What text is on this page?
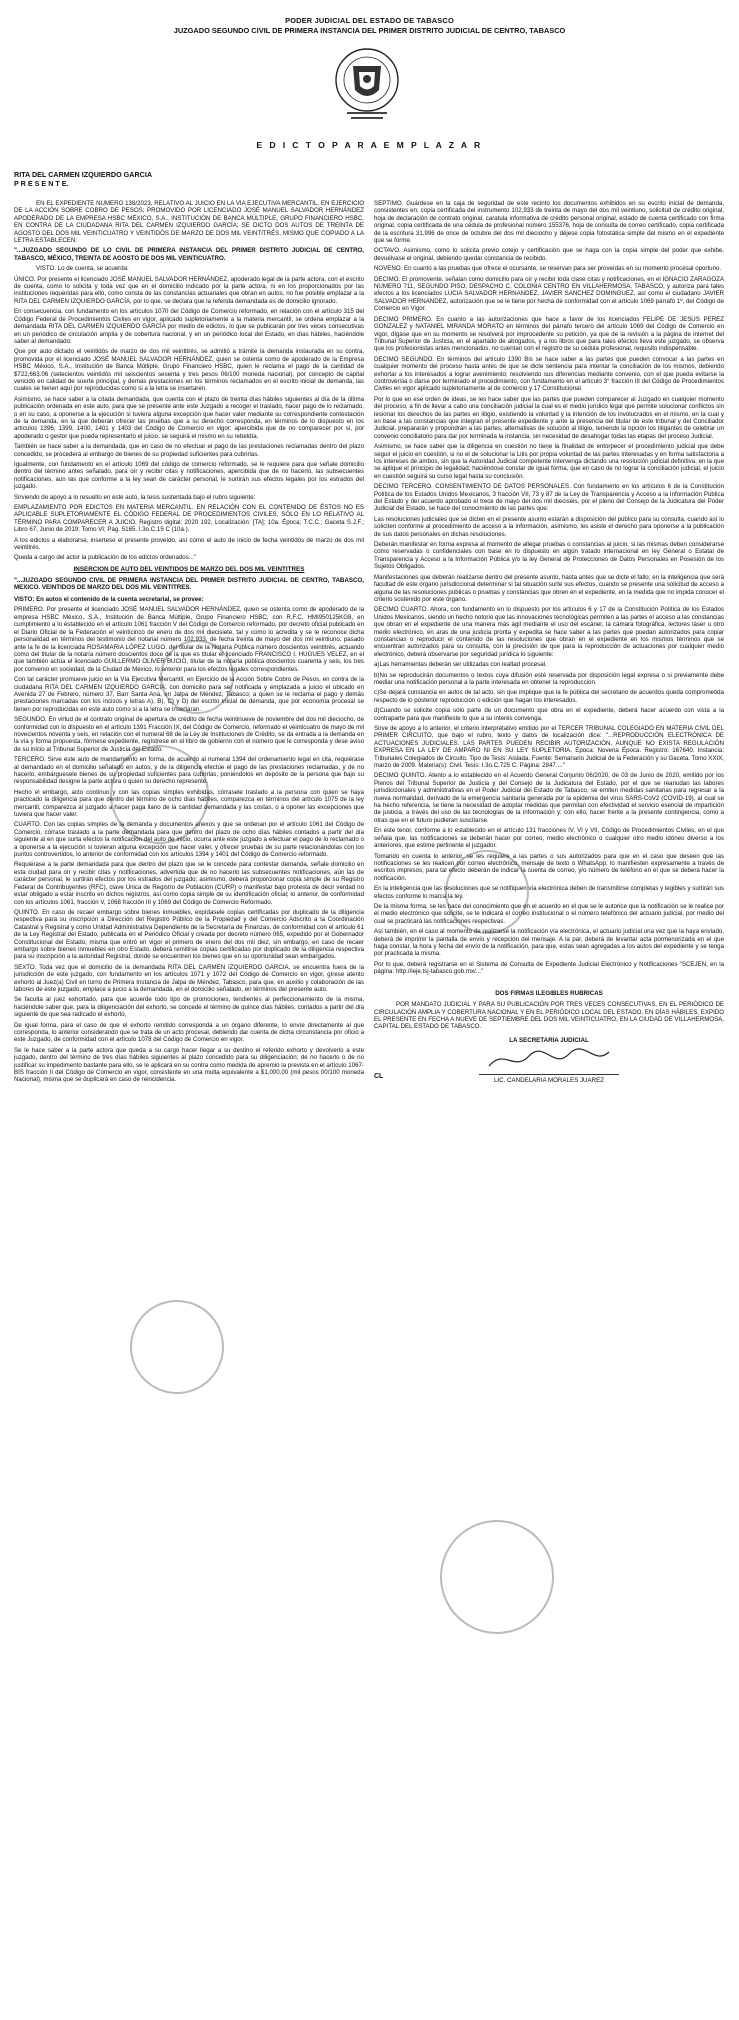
PODER JUDICIAL DEL ESTADO DE TABASCO
JUZGADO SEGUNDO CIVIL DE PRIMERA INSTANCIA DEL PRIMER DISTRITO JUDICIAL DE CENTRO, TABASCO
E D I C T O P A R A E M P L A Z A R
RITA DEL CARMEN IZQUIERDO GARCIA
P R E S E N T E.

EN EL EXPEDIENTE NÚMERO 138/2023, RELATIVO AL JUICIO EN LA VÍA EJECUTIVA MERCANTIL, EN EJERCICIO DE LA ACCIÓN SOBRE COBRO DE PESOS; PROMOVIDO POR LICENCIADO JOSÉ MANUEL SALVADOR HERNÁNDEZ APODERADO DE LA EMPRESA HSBC MÉXICO, S.A., INSTITUCIÓN DE BANCA MÚLTIPLE, GRUPO FINANCIERO HSBC, EN CONTRA DE LA CIUDADANA RITA DEL CARMEN IZQUIERDO GARCÍA; SE DICTO DOS AUTOS DE TREINTA DE AGOSTO DEL DOS MIL VEINTICUATRO Y VEINTIDÓS DE MARZO DE DOS MIL VEINTITRÉS, MISMO QUE COPIADO A LA LETRA ESTABLECEN:

"...JUZGADO SEGUNDO DE LO CIVIL DE PRIMERA INSTANCIA DEL PRIMER DISTRITO JUDICIAL DE CENTRO, TABASCO, MÉXICO, TREINTA DE AGOSTO DE DOS MIL VEINTICUATRO.

VISTO. Lo de cuenta, se acuerda:

ÚNICO. Por presente el licenciado JOSÉ MANUEL SALVADOR HERNÁNDEZ, apoderado legal de la parte actora, con el escrito de cuenta, como lo solicita y toda vez que en el domicilio indicado por la parte actora, ni en los proporcionados por las instituciones requeridas para ello, como consta de las constancias actuariales que obran en autos, no fue posible emplazar a la RITA DEL CARMEN IZQUIERDO GARCÍA, por lo que, se declara que la referida demandada es de domicilio ignorado.

En consecuencia, con fundamento en los artículos 1070 del Código de Comercio reformado, en relación con el artículo 315 del Código Federal de Procedimientos Civiles en vigor, aplicado supletoriamente a la materia mercantil, se ordena emplazar a la demandada RITA DEL CARMEN IZQUIERDO GARCÍA por medio de edictos, lo que se publicarán por tres veces consecutivas en un periódico de circulación amplia y de cobertura nacional, y en un periódico local del Estado, en días hábiles, haciéndole saber al demandado:

Que por auto dictado el veintidós de marzo de dos mil veintitrés, se admitió a trámite la demanda instaurada en su contra, promovida por el licenciado JOSÉ MANUEL SALVADOR HERNÁNDEZ, quien se ostenta como de apoderado de la Empresa HSBC México, S.A., Institución de Banca Múltiple, Grupo Financiero HSBC, quien le reclama el pago de la cantidad de $722,663.06 (setecientos veintidós mil seiscientos sesenta y tres pesos 06/100 moneda nacional), por concepto de capital vencido en calidad de suerte principal, y demás prestaciones en los términos reclamados en el escrito inicial de demanda, las cuales se tienen aquí por reproducidas como si a la letra se insertaren.

Asimismo, se hace saber a la citada demandada, que cuenta con el plazo de treinta días hábiles siguientes al día de la última publicación ordenada en este auto, para que se presente ante este Juzgado a recoger el traslado, hacer pago de lo reclamado, o en su caso, a oponerse a la ejecución si tuviera alguna excepción que hacer valer mediante su correspondiente contestación de la demanda, en la que deberán ofrecer las pruebas que a su derecho corresponda, en términos de lo dispuesto en los artículos 1396, 1399, 1400, 1401 y 1403 del Código de Comercio en vigor; apercibida que de no comparecer por sí, por apoderado o gestor que pueda representarlo el juicio, se seguirá el mismo en su rebeldía.

También se hace saber a la demandada, que en caso de no efectuar el pago de las prestaciones reclamadas dentro del plazo concedido, se procederá al embargo de bienes de su propiedad suficientes para cubrirlas.

Igualmente, con fundamento en el artículo 1069 del código de comercio reformado, se le requiere para que señale domicilio dentro del término antes señalado, para oír y recibir citas y notificaciones, apercibida que de no hacerlo, las subsecuentes notificaciones, aun las que conforme a la ley sean de carácter personal, le surtirán sus efectos legales por los estrados del juzgado.

Sirviendo de apoyo a lo resuelto en este auto, la tesis sustentada bajo el rubro siguiente:

EMPLAZAMIENTO POR EDICTOS EN MATERIA MERCANTIL. EN RELACIÓN CON EL CONTENIDO DE ÉSTOS NO ES APLICABLE SUPLETORIAMENTE EL CÓDIGO FEDERAL DE PROCEDIMIENTOS CIVILES, SÓLO EN LO RELATIVO AL TÉRMINO PARA COMPARECER A JUICIO. Registro digital: 2020 192, Localización: [TA]; 10a. Época; T.C.C.; Gaceta S.J.F.; Libro 67, Junio de 2019; Tomo VI; Pág. 5165. I.3o.C.15 C (10a.).

A los edictos a elaborarse, insertese el presente proveído, así como el auto de inicio de fecha veintidós de marzo de dos mil veintitrés.

Queda a cargo del actor la publicación de los edictos ordenados..."

INSERCION DE AUTO DEL VEINTIDOS DE MARZO DEL DOS MIL VEINTITRES

"...JUZGADO SEGUNDO CIVIL DE PRIMERA INSTANCIA DEL PRIMER DISTRITO JUDICIAL DE CENTRO, TABASCO, MEXICO. VEINTIDOS DE MARZO DEL DOS MIL VEINTITRES.

VISTO: En autos el contenido de la cuenta secretarial, se provee:

PRIMERO. Por presente el licenciado JOSÉ MANUEL SALVADOR HERNÁNDEZ, quien se ostenta como de apoderado de la empresa HSBC México, S.A., Institución de Banca Múltiple, Grupo Financiero HSBC, con R.F.C. HMI950125KG8, en cumplimiento a lo establecido en el artículo 1061 fracción V del Código de Comercio reformado, por decreto oficial publicado en el Diario Oficial de la Federación el veinticinco de enero de dos mil diecisiete, tal y como lo acredita y se le reconoce dicha personalidad en términos del testimonio del notarial número 102,933, de fecha treinta de mayo del dos mil veintiuno, pasado ante la fe de la licenciada ROSAMARIA LÓPEZ LUGO, del titular de la Notaría Pública número doscientos veintitrés, actuando como del titular de la notaría número doscientos doce de la que es titular el licenciado FRANCISCO I. HUGUES VELEZ, en el que también actúa el licenciado GUILLERMO OLIVER BUCIO, titular de la notaría pública doscientos cuarenta y seis, los tres por convenio en sociedad, de la Ciudad de México, lo anterior para los efectos legales correspondientes.

Con tal carácter promueve juicio en la Vía Ejecutiva Mercantil, en Ejercicio de la Acción Sobre Cobro de Pesos, en contra de la ciudadana RITA DEL CARMEN IZQUIERDO GARCIA, con domicilio para ser notificada y emplazada a juicio el ubicado en Avenida 27 de Febrero, número 37, Barr Santa Ana, en Jalpa de Méndez, Tabasco; a quien se le reclama el pago y demás prestaciones marcadas con los incisos y letras A), B), C) y D) del escrito inicial de demanda, que por economía procesal se tienen por reproducidas en este auto como si a la letra se insertaran.

SEGUNDO. En virtud de el contrato original de apertura de crédito de fecha veintinueve de noviembre del dos mil dieciocho, de conformidad con lo dispuesto en el artículo 1391 Fracción IX, del Código de Comercio, reformado el veinticuatro de mayo de mil novecientos noventa y seis, en relación con el numeral 68 de la Ley de Instituciones de Crédito, se da entrada a la demanda en la vía y forma propuesta, fórmese expediente, regístrese en el libro de gobierno con el número que le corresponda y dese aviso de su inicio al Tribunal Superior de Justicia del Estado.

TERCERO. Sirve este auto de mandamiento en forma, de acuerdo al numeral 1394 del ordenamiento legal en cita, requiérase al demandado en el domicilio señalado en autos, y de la diligencia efectúe el pago de las prestaciones reclamadas, y de no hacerlo, embárguesele bienes de su propiedad suficientes para cubrirlas, poniéndolos en depósito de la persona que bajo su responsabilidad designe la parte actora o quien su derecho represente.

Hecho el embargo, acto continuo y con las copias simples exhibidas, córrasele traslado a la persona con quien se haya practicado la diligencia para que dentro del término de ocho días hábiles, comparezca en términos del artículo 1075 de la ley mercantil, comparezca al juzgado a hacer paga llano de la cantidad demandada y las costas, o a oponer las excepciones que tuviera que hacer valer.

CUARTO. Con las copias simples de la demanda y documentos anexos y que se ordenan por el artículo 1061 del Código de Comercio, córrase traslado a la parte demandada para que dentro del plazo de ocho días hábiles contados a partir del día siguiente al en que surta efectos la notificación del auto de inicio, ocurra ante este juzgado a efectuar el pago de lo reclamado o a oponerse a la ejecución si tuvieran alguna excepción que hacer valer, y ofrecer pruebas de su parte relacionándolas con los puntos controvertidos, lo anterior de conformidad con los artículos 1394 y 1401 del Código de Comercio reformado.

Requiérase a la parte demandada para que dentro del plazo que se le concede para contestar demanda, señale domicilio en esta ciudad para oír y recibir citas y notificaciones, advertida que de no hacerlo las subsecuentes notificaciones, aún las de carácter personal, le surtirán efectos por los estrados del juzgado; asimismo, deberá proporcionar copia simple de su Registro Federal de Contribuyentes (RFC), clave Única de Registro de Población (CURP) o manifestar bajo protesta de decir verdad no estar obligado a estar inscrito en dichos registros, así como copia simple de su identificación oficial; lo anterior, de conformidad con los artículos 1061, fracción V, 1068 fracción III y 1069 del Código de Comercio Reformado.

QUINTO. En caso de recaer embargo sobre bienes inmuebles, expídasele copias certificadas por duplicado de la diligencia respectiva para su inscripción a Dirección del Registro Público de la Propiedad y del Comercio Adscrito a la Coordinación Catastral y Registral y como Unidad Administrativa Dependiente de la Secretaría de Finanzas, de conformidad con el artículo 61 de la Ley Registral del Estado, publicada en el Periódico Oficial y creada por decreto número 065, expedido por el Gobernador Constitucional del Estado, misma que entró en vigor el primero de enero del dos mil diez, sin embargo, en caso de recaer embargo sobre bienes inmuebles en otro Estado, deberá remitirse copias certificadas por duplicado de la diligencia respectiva para su inscripción a la autoridad Registral, donde se encuentren los bienes que en su oportunidad sean embargados.

SEXTO. Toda vez que el domicilio de la demandada RITA DEL CARMEN IZQUIERDO GARCIA, se encuentra fuera de la jurisdicción de este juzgado, con fundamento en los artículos 1071 y 1072 del Código de Comercio en vigor, gírese atento exhorto al Juez(a) Civil en turno de Primera Instancia de Jalpa de Méndez, Tabasco, para que, en auxilio y colaboración de las labores de este juzgado, emplace a juicio a la demandada, en el domicilio señalado, en términos del presente auto.

Se faculta al juez exhortado, para que acuerde todo tipo de promociones, tendientes al perfeccionamiento de la misma, haciéndole saber que, para la diligenciación del exhorto, se concede el término de quince días hábiles, contados a partir del día siguiente de que sea radicado el exhorto,

De igual forma, para el caso de que el exhorto remitido corresponda a un órgano diferente, lo envíe directamente al que corresponda, lo anterior considerando que se trata de un acto procesal, debiendo dar cuenta de dicha circunstancia por oficio a este Juzgado, de conformidad con el artículo 1078 del Código de Comercio en vigor.

Se le hace saber a la parte actora que queda a su cargo hacer llegar a su destino el referido exhorto y devolverlo a este juzgado, dentro del término de tres días hábiles siguientes al plazo concedido para su diligenciación; de no hacerlo o de no justificar su impedimento bastante para ello, se le aplicará en su contra como medida de apremio la prevista en el artículo 1067-BIS fracción II del Código de Comercio en vigor, consistente en una multa equivalente a $1,000.00 (mil pesos 00/100 moneda Nacional), misma que se duplicará en caso de reincidencia.

SEPTIMO. Guárdese en la caja de seguridad de este recinto los documentos exhibidos en su escrito inicial de demanda, consistentes en: copia certificada del instrumento 102,933 de treinta de mayo del dos mil veintiuno, solicitud de crédito original, hoja de declaración de contrato original, caratula informativa de crédito personal original, estado de cuenta certificado con firma original, copia certificada de una cédula de profesional número 155376, hoja de consulta de correo certificado, copia certificada de la escritura 31,996 de once de octubre del dos mil dieciocho y déjese copia fotostática simple del mismo en el expediente que se forme.

OCTAVO. Asimismo, como lo solicita previo cotejo y certificación que se haga con la copia simple del poder que exhibe, devuélvase el original, debiendo quedar constancia de recibido.

NOVENO. En cuanto a las pruebas que ofrece el ocursante, se reservan para ser proveídas en su momento procesal oportuno.

DECIMO. El promovente, señalan como domicilio para oír y recibir toda clase citas y notificaciones, en el IGNACIO ZARAGOZA NUMERO 711, SEGUNDO PISO, DESPACHO C, COLONIA CENTRO EN VILLAHERMOSA, TABASCO, y autoriza para tales efectos a los licenciados LUCIA SALVADOR HERNANDEZ, JAVIER SANCHEZ DOMINGUEZ, así como el ciudadano JAVIER SALVADOR HERNANDEZ, autorización que se le tiene por hecha de conformidad con el artículo 1069 párrafo 1º, del Código de Comercio en Vigor.

DECIMO PRIMERO. En cuanto a las autorizaciones que hace a favor de los licenciados FELIPE DE JESUS PEREZ GONZALEZ y NATANIEL MIRANDA MORATO en términos del párrafo tercero del artículo 1069 del Código de Comercio en vigor, dígase que en su momento se resolverá por improcedente su petición, ya que de la revisión a la página de internet del Tribunal Superior de Justicia, en el apartado de abogados, y a los libros que para tales efectos lleva este juzgado, se observa que los profesionistas antes mencionados, no cuentan con el registro de su cédula profesional, requisito indispensable.

DECIMO SEGUNDO. En términos del artículo 1390 Bis se hace saber a las partes que pueden convocar a las partes en cualquier momento del proceso hasta antes de que se dicte sentencia para intentar la conciliación de los mismos, debiendo exhortar a los interesados a lograr avenimiento; resolviendo sus diferencias mediante convenio, con el que pueda evitarse la controversia o darse por terminado el procedimiento, con fundamento en el artículo 3° fracción III del Código de Procedimientos Civiles en vigor aplicado supletoriamente al de comercio y 17 Constitucional.

Por lo que en ese orden de ideas, se les hace saber que las partes que pueden comparecer al Juzgado en cualquier momento del proceso, a fin de llevar a cabo una conciliación judicial la cual es el medio jurídico legal que permite solucionar conflictos sin lesionar los derechos de las partes en litigio, existiendo la voluntad y la intención de los involucrados en el mismo, en la cual y en base a las constancias que integran el presente expediente y ante la presencia del titular de este tribunal y del Conciliador Judicial, prepararán y propondrán a las partes, alternativas de solución al litigio, teniendo la opción los litigantes de celebrar un convenio conciliatorio para dar por terminada la instancia, sin necesidad de desahogar todas las etapas del proceso Judicial.

Asimismo, se hace saber que la diligencia en cuestión no tiene la finalidad de entorpecer el procedimiento judicial que debe seguir el juicio en cuestión, si no el de solucionar la Litis por propia voluntad de las partes interesadas y en forma satisfactoria a los intereses de ambos, sin que la Autoridad Judicial competente intervenga dictando una resolución judicial definitiva, en la que se aplique el principio de legalidad; haciéndose constar de igual forma, que en caso de no lograr la conciliación judicial, el juicio en cuestión seguirá su curso legal hasta su conclusión.

DECIMO TERCERO. CONSENTIMIENTO DE DATOS PERSONALES. Con fundamento en los artículos 6 de la Constitución Política de los Estados Unidos Mexicanos, 3 fracción VII, 73 y 87 de la Ley de Transparencia y Acceso a la Información Pública del Estado y del acuerdo aprobado el trece de mayo del dos mil dieciséis, por el pleno del Consejo de la Judicatura del Poder Judicial del Estado, se hace del conocimiento de las partes que:

Las resoluciones judiciales que se dicten en el presente asunto estarán a disposición del público para su consulta, cuando así lo soliciten conforme al procedimiento de acceso a la información, asimismo, les asiste el derecho para oponerse a la publicación de sus datos personales en dichas resoluciones.

Deberán manifestar en forma expresa al momento de allegar pruebas o constancias al juicio, si las mismas deben considerarse como reservadas o confidenciales con base en lo dispuesto en algún tratado internacional en ley General o Estatal de Transparencia y Acceso a la Información Pública y/o la ley General de Protecciones de Datos Personales en Posesión de los Sujetos Obligados.

Manifestaciones que deberán realizarse dentro del presente asunto, hasta antes que se dicte el fallo; en la inteligencia que será facultad de este órgano jurisdiccional determinar si tal situación surte sus efectos, cuando se presente una solicitud de acceso a alguna de las resoluciones públicas o pruebas y constancias que obren en el expediente, en la medida que no impida conocer el criterio sostenido por este órgano.

DECIMO CUARTO. Ahora, con fundamento en lo dispuesto por los artículos 6 y 17 de la Constitución Política de los Estados Unidos Mexicanos, siendo un hecho notorio que las innovaciones tecnológicas permiten a las partes el acceso a las constancias que obran en el expediente de una manera más ágil mediante el uso del escáner, la cámara fotográfica, lectores láser u otro medio electrónico, en aras de una justicia pronta y expedita se hace saber a las partes que puedan autorizados para copiar constancias o reproducir el contenido de las resoluciones que obran en el expediente en los mismos términos que se encuentran autorizados para su consulta, con la precisión de que para la reproducción de actuaciones por cualquier medio electrónico, deberá observarse por seguridad jurídica lo siguiente:

a)Las herramientas deberán ser utilizadas con lealtad procesal.

b)No se reproducirán documentos o textos cuya difusión esté reservada por disposición legal expresa o si previamente debe mediar una notificación personal a la parte interesada en obtener la reproducción.

c)Se dejará constancia en autos de tal acto, sin que implique que la fe pública del secretario de acuerdos queda comprometida respecto de lo posterior reproducción o edición que hagan los interesados.

d)Cuando se solicite copia sólo parte de un documento que obra en el expediente, deberá hacer acuerdo con vista a la contraparte para que manifieste lo que a su interés convenga.

Sirve de apoyo a lo anterior, el criterio interpretativo emitido por el TERCER TRIBUNAL COLEGIADO EN MATERIA CIVIL DEL PRIMER CIRCUITO, que bajo el rubro, texto y datos de localización dice: "...REPRODUCCIÓN ELECTRÓNICA DE ACTUACIONES JUDICIALES. LAS PARTES PUEDEN RECIBIR AUTORIZACIÓN, AUNQUE NO EXISTA REGULACIÓN EXPRESA EN LA LEY DE AMPARO NI EN SU LEY SUPLETORIA. Época: Novena Época. Registro: 167640. Instancia: Tribunales Colegiados de Circuito. Tipo de Tesis: Aislada. Fuente: Semanario Judicial de la Federación y su Gaceta. Tomo XXIX, marzo de 2009. Materia(s): Civil. Tesis: I.3o.C.725 C. Página: 2847...."

DECIMO QUINTO. Atento a lo establecido en el Acuerdo General Conjunto 06/2020, de 03 de Junio de 2020, emitido por los Plenos del Tribunal Superior de Justicia y del Consejo de la Judicatura del Estado, por el que se reanudan las labores jurisdiccionales y administrativas en el Poder Judicial del Estado de Tabasco, se emiten medidas sanitarias para regresar a la nueva normalidad, derivado de la emergencia sanitaria generada por la epidemia del virus SARS-CoV2 (COVID-19), al cual se ha hecho referencia, se tiene la necesidad de adoptar medidas que permitan con efectividad el servicio esencial de impartición de justicia, a través del uso de las tecnologías de la información y; con ello, hacer frente a la presente contingencia, como a otras que en el futuro pudieran suscitarse.

En este tenor, conforme a lo establecido en el artículo 131 fracciones IV, VI y VII, Código de Procedimientos Civiles, en el que señala que, las notificaciones se deberán hacer por correo, medio electrónico o cualquier otro medio idóneo diverso a los anteriores, que estime pertinente el juzgador.

Tomando en cuenta lo anterior, se les requiere a las partes o sus autorizados para que en el caso que deseen que las notificaciones se les realicen por correo electrónico, mensaje de texto o WhatsApp, lo manifiesten expresamente a través de escritos impresos; para tal efecto deberán de indicar la cuenta de correo, y/o número de teléfono en el que se deberá hacer la notificación.

En la inteligencia que las resoluciones que se notifiquen vía electrónica deben de transmitirse completas y legibles y surtirán sus efectos conforme lo marca la ley.

De la misma forma, se les hace del conocimiento que en el acuerdo en el que se le autorice que la notificación se le realice por el medio electrónico que solicite, se le indicará el correo institucional o el número telefónico del actuario judicial, por medio del cual se practicará las notificaciones respectivas.

Así también, en el caso al momento de realizarse la notificación vía electrónica, el actuario judicial una vez que la haya enviado, deberá de imprimir la pantalla de envío y recepción del mensaje. A la par, deberá de levantar acta pormenorizada en el que haga constar, la hora y fecha del envío de la notificación, para que, estas sean agregadas a los autos del expediente y se tenga por practicada la misma.

Por lo que, deberá registrarse en el Sistema de Consulta de Expediente Judicial Electrónico y Notificaciones "SCEJEN, en la página: http://ieje.tsj-tabasco.gob.mx/..."

DOS FIRMAS ILEGIBLES RUBRICAS

POR MANDATO JUDICIAL Y PARA SU PUBLICACIÓN POR TRES VECES CONSECUTIVAS, EN EL PERIÓDICO DE CIRCULACIÓN AMPLIA Y COBERTURA NACIONAL Y EN EL PERIÓDICO LOCAL DEL ESTADO, EN DÍAS HÁBILES, EXPIDO EL PRESENTE EN FECHA A NUEVE DE SEPTIEMBRE DEL DOS MIL VEINTICUATRO, EN LA CIUDAD DE VILLAHERMOSA, CAPITAL DEL ESTADO DE TABASCO.

LA SECRETARIA JUDICIAL
LIC. CANDELARIA MORALES JUAREZ
CL
